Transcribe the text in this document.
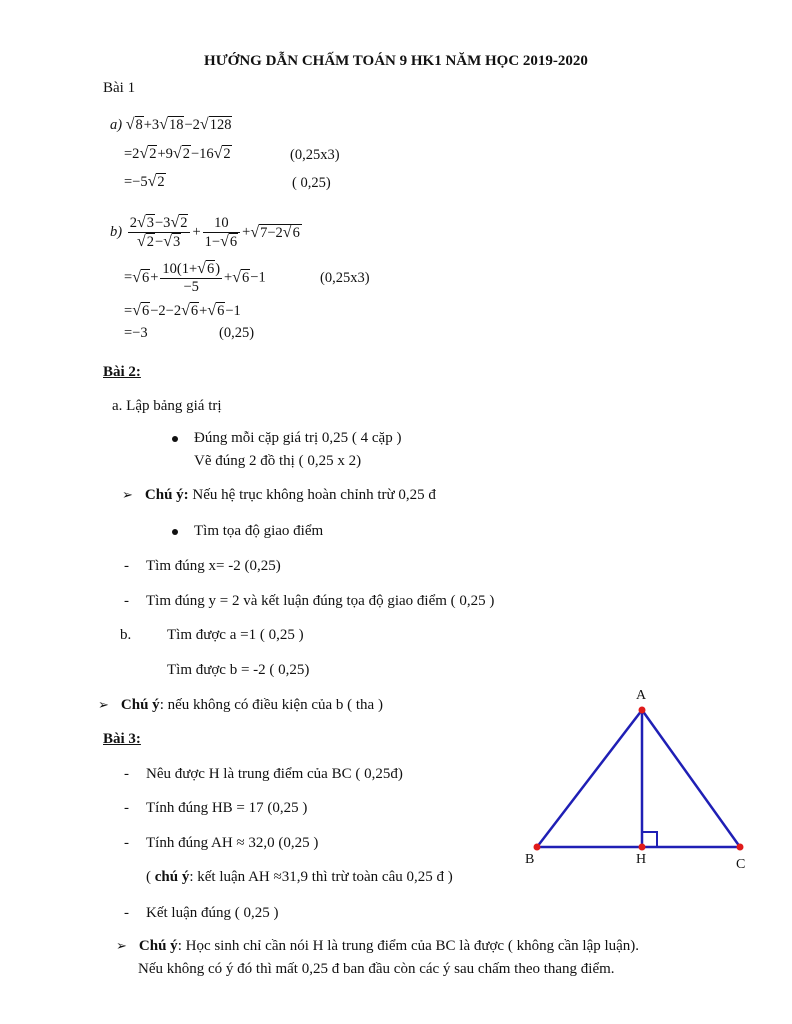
HƯỚNG DẪN CHẤM TOÁN 9 HK1 NĂM HỌC 2019-2020
Bài 1
a) √8+3√18−2√128
=2√2+9√2−16√2	(0,25x3)
=−5√2	( 0,25)
$b) \frac{2√3-3√2}{√2-√3} + \frac{10}{1-√6} +√7-2√6$
$=√6+ \frac{10(1+√6)}{-5} +√6-1$	(0,25x3)
=√6−2−2√6+√6−1
=−3	(0,25)
Bài 2:
a. Lập bảng giá trị
Đúng mỗi cặp giá trị 0,25 ( 4 cặp )
Vẽ đúng 2 đồ thị ( 0,25 x 2)
➢ Chú ý: Nếu hệ trục không hoàn chỉnh trừ 0,25 đ
Tìm tọa độ giao điểm
- Tìm đúng x= -2 (0,25)
- Tìm đúng y = 2 và kết luận đúng tọa độ giao điểm ( 0,25 )
b. Tìm được a =1 ( 0,25 )
Tìm được b = -2 ( 0,25)
➢ Chú ý: nếu không có điều kiện của b ( tha )
Bài 3:
- Nêu được H là trung điểm của BC ( 0,25đ)
- Tính đúng HB = 17 (0,25 )
- Tính đúng AH ≈ 32,0 (0,25 )
( chú ý: kết luận AH ≈31,9 thì trừ toàn câu 0,25 đ )
- Kết luận đúng ( 0,25 )
➢ Chú ý: Học sinh chỉ cần nói H là trung điểm của BC là được ( không cần lập luận).
Nếu không có ý đó thì mất 0,25 đ ban đầu còn các ý sau chấm theo thang điểm.
A
B	C
H
